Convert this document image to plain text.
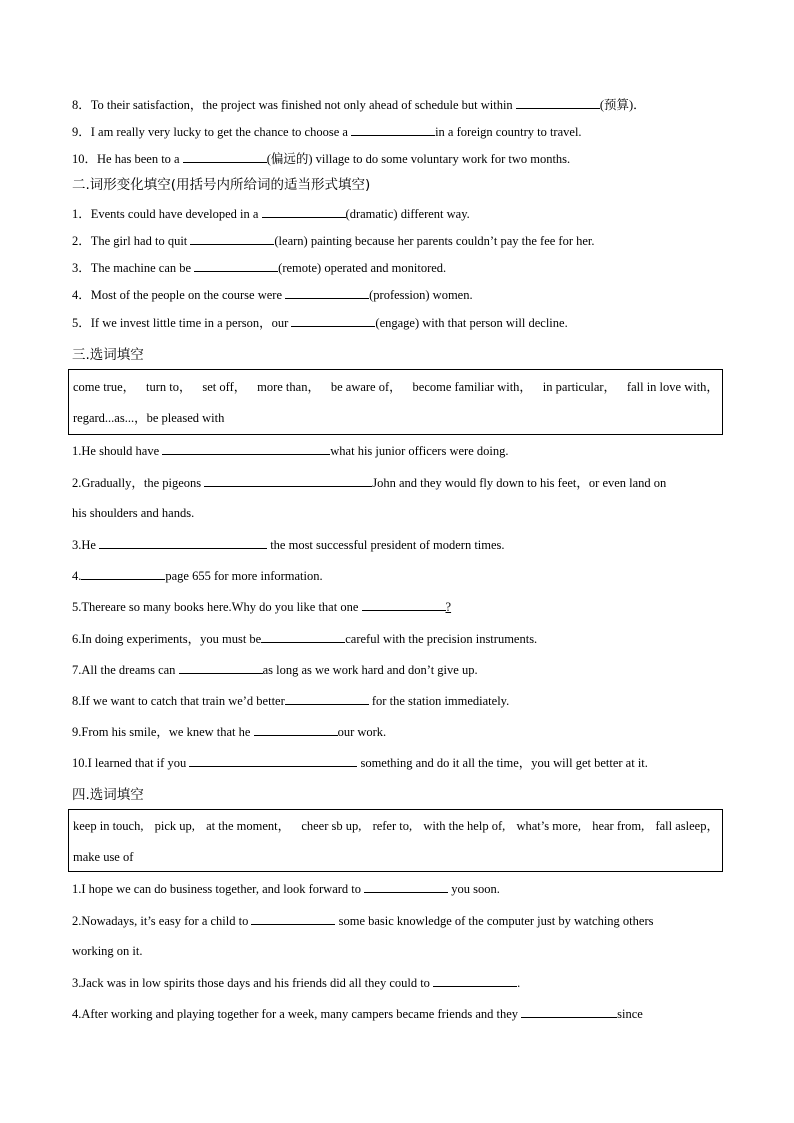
8．To their satisfaction，the project was finished not only ahead of schedule but within	(预算)．
9．I am really very lucky to get the chance to choose a	in a foreign country to travel.
10．He has been to a	(偏远的) village to do some voluntary work for two months.
二.词形变化填空(用括号内所给词的适当形式填空)
1．Events could have developed in a	(dramatic) different way.
2．The girl had to quit	(learn) painting because her parents couldn’t pay the fee for her.
3．The machine can be	(remote) operated and monitored.
4．Most of the people on the course were	(profession) women.
5．If we invest little time in a person，our	(engage) with that person will decline.
三.选词填空
come true， turn to， set off， more than， be aware of， become familiar with， in particular， fall in love with，
regard...as...，be pleased with
1.He should have	what his junior officers were doing.
2.Gradually，the pigeons	John and they would fly down to his feet，or even land on
his shoulders and hands.
3.He	the most successful president of modern times.
4.	page 655 for more information.
5.Thereare so many books here.Why do you like that one	?
6.In doing experiments，you must be	careful with the precision instruments.
7.All the dreams can	as long as we work hard and don’t give up.
8.If we want to catch that train we’d better	for the station immediately.
9.From his smile，we knew that he	our work.
10.I learned that if you	something and do it all the time，you will get better at it.
四.选词填空
keep in touch, pick up, at the moment， cheer sb up, refer to, with the help of, what’s more, hear from, fall asleep，
make use of
1.I hope we can do business together, and look forward to	you soon.
2.Nowadays, it’s easy for a child to	some basic knowledge of the computer just by watching others
working on it.
3.Jack was in low spirits those days and his friends did all they could to	.
4.After working and playing together for a week, many campers became friends and they	since
